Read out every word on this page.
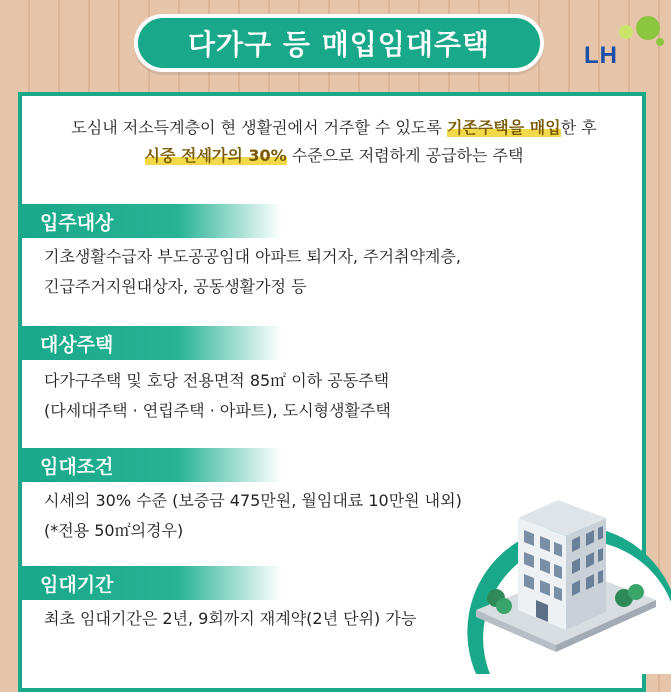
다가구 등 매입임대주택	LH
도심내 저소득계층이 현 생활권에서 거주할 수 있도록 기존주택을 매입한 후
시중 전세가의 30% 수준으로 저렴하게 공급하는 주택
입주대상
기초생활수급자 부도공공임대 아파트 퇴거자, 주거취약계층,
긴급주거지원대상자, 공동생활가정 등
대상주택
다가구주택 및 호당 전용면적 85㎡ 이하 공동주택
(다세대주택 · 연립주택 · 아파트), 도시형생활주택
임대조건
시세의 30% 수준 (보증금 475만원, 월임대료 10만원 내외)
(*전용 50㎡의경우)
임대기간
최초 임대기간은 2년, 9회까지 재계약(2년 단위) 가능
